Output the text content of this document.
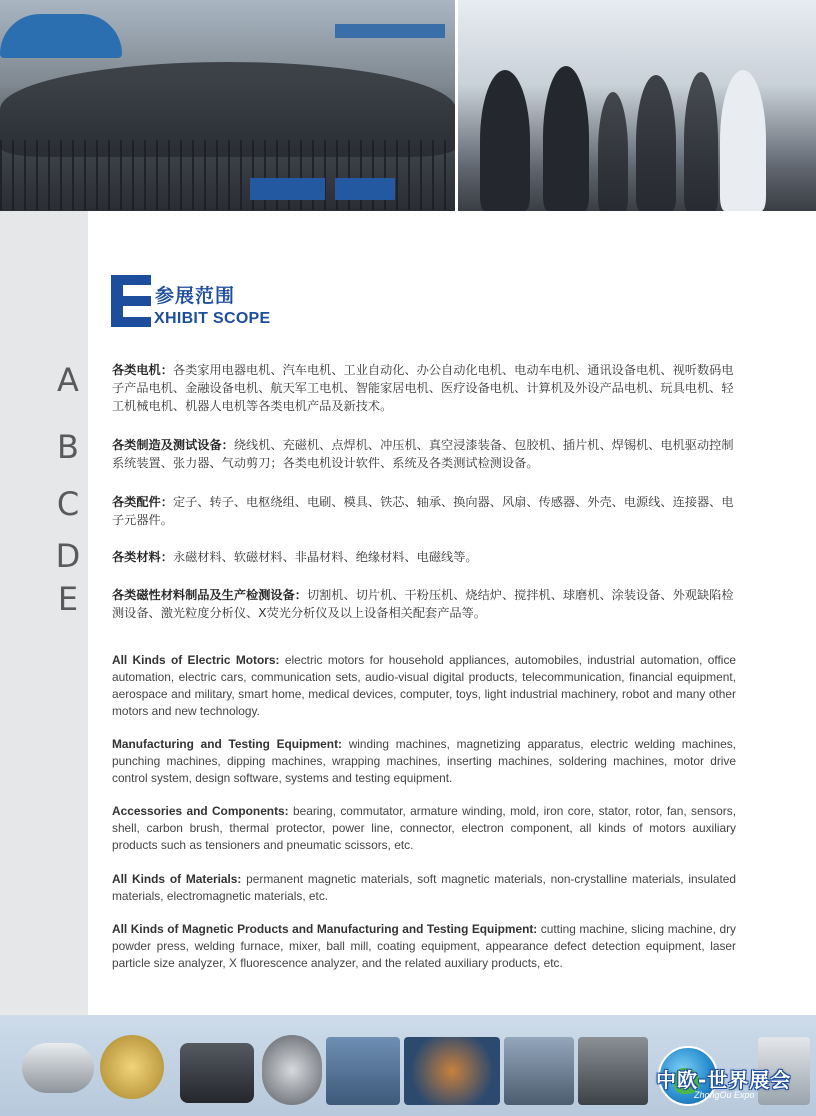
A
B
C
D
E
参展范围
XHIBIT SCOPE

各类电机：各类家用电器电机、汽车电机、工业自动化、办公自动化电机、电动车电机、通讯设备电机、视听数码电子产品电机、金融设备电机、航天军工电机、智能家居电机、医疗设备电机、计算机及外设产品电机、玩具电机、轻工机械电机、机器人电机等各类电机产品及新技术。

各类制造及测试设备：绕线机、充磁机、点焊机、冲压机、真空浸漆装备、包胶机、插片机、焊锡机、电机驱动控制系统装置、张力器、气动剪刀；各类电机设计软件、系统及各类测试检测设备。

各类配件：定子、转子、电枢绕组、电刷、模具、铁芯、轴承、换向器、风扇、传感器、外壳、电源线、连接器、电子元器件。

各类材料：永磁材料、软磁材料、非晶材料、绝缘材料、电磁线等。

各类磁性材料制品及生产检测设备：切割机、切片机、干粉压机、烧结炉、搅拌机、球磨机、涂装设备、外观缺陷检测设备、激光粒度分析仪、X荧光分析仪及以上设备相关配套产品等。

All Kinds of Electric Motors: electric motors for household appliances, automobiles, industrial automation, office automation, electric cars, communication sets, audio-visual digital products, telecommunication, financial equipment, aerospace and military, smart home, medical devices, computer, toys, light industrial machinery, robot and many other motors and new technology.

Manufacturing and Testing Equipment: winding machines, magnetizing apparatus, electric welding machines, punching machines, dipping machines, wrapping machines, inserting machines, soldering machines, motor drive control system, design software, systems and testing equipment.

Accessories and Components: bearing, commutator, armature winding, mold, iron core, stator, rotor, fan, sensors, shell, carbon brush, thermal protector, power line, connector, electron component, all kinds of motors auxiliary products such as tensioners and pneumatic scissors, etc.

All Kinds of Materials: permanent magnetic materials, soft magnetic materials, non-crystalline materials, insulated materials, electromagnetic materials, etc.

All Kinds of Magnetic Products and Manufacturing and Testing Equipment: cutting machine, slicing machine, dry powder press, welding furnace, mixer, ball mill, coating equipment, appearance defect detection equipment, laser particle size analyzer, X fluorescence analyzer, and the related auxiliary products, etc.

中欧-世界展会
ZhongOu Expo
